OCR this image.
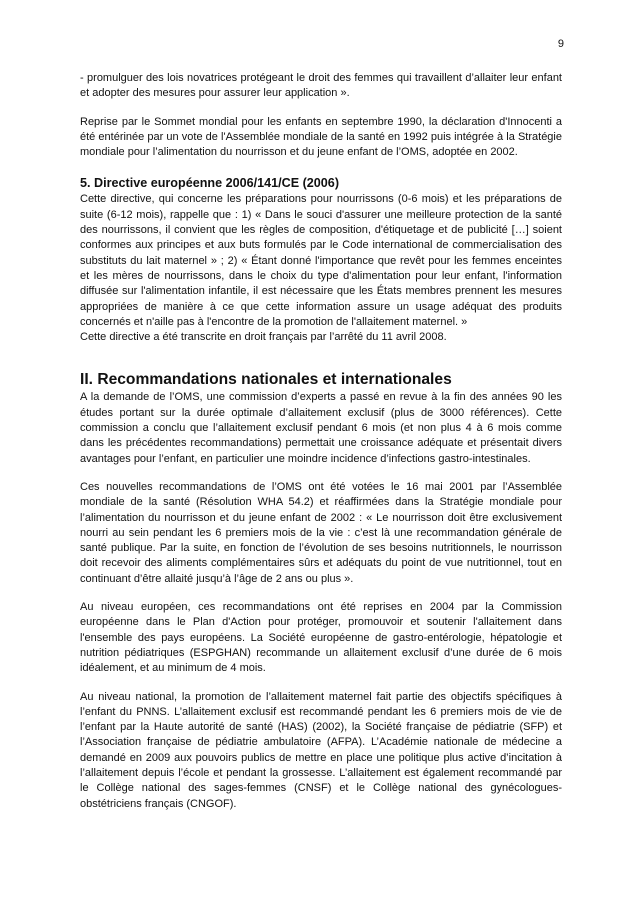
9

- promulguer des lois novatrices protégeant le droit des femmes qui travaillent d’allaiter leur enfant et adopter des mesures pour assurer leur application ».

Reprise par le Sommet mondial pour les enfants en septembre 1990, la déclaration d'Innocenti a été entérinée par un vote de l'Assemblée mondiale de la santé en 1992 puis intégrée à la Stratégie mondiale pour l’alimentation du nourrisson et du jeune enfant de l’OMS, adoptée en 2002.

5. Directive européenne 2006/141/CE (2006)

Cette directive, qui concerne les préparations pour nourrissons (0-6 mois) et les préparations de suite (6-12 mois), rappelle que : 1) « Dans le souci d'assurer une meilleure protection de la santé des nourrissons, il convient que les règles de composition, d'étiquetage et de publicité […] soient conformes aux principes et aux buts formulés par le Code international de commercialisation des substituts du lait maternel » ; 2) « Étant donné l'importance que revêt pour les femmes enceintes et les mères de nourrissons, dans le choix du type d'alimentation pour leur enfant, l'information diffusée sur l'alimentation infantile, il est nécessaire que les États membres prennent les mesures appropriées de manière à ce que cette information assure un usage adéquat des produits concernés et n'aille pas à l'encontre de la promotion de l'allaitement maternel. »

Cette directive a été transcrite en droit français par l’arrêté du 11 avril 2008.

II. Recommandations nationales et internationales

A la demande de l’OMS, une commission d’experts a passé en revue à la fin des années 90 les études portant sur la durée optimale d’allaitement exclusif (plus de 3000 références). Cette commission a conclu que l’allaitement exclusif pendant 6 mois (et non plus 4 à 6 mois comme dans les précédentes recommandations) permettait une croissance adéquate et présentait divers avantages pour l’enfant, en particulier une moindre incidence d’infections gastro-intestinales.

Ces nouvelles recommandations de l’OMS ont été votées le 16 mai 2001 par l’Assemblée mondiale de la santé (Résolution WHA 54.2) et réaffirmées dans la Stratégie mondiale pour l’alimentation du nourrisson et du jeune enfant de 2002 : « Le nourrisson doit être exclusivement nourri au sein pendant les 6 premiers mois de la vie : c’est là une recommandation générale de santé publique. Par la suite, en fonction de l’évolution de ses besoins nutritionnels, le nourrisson doit recevoir des aliments complémentaires sûrs et adéquats du point de vue nutritionnel, tout en continuant d’être allaité jusqu’à l’âge de 2 ans ou plus ».

Au niveau européen, ces recommandations ont été reprises en 2004 par la Commission européenne dans le Plan d'Action pour protéger, promouvoir et soutenir l'allaitement dans l'ensemble des pays européens. La Société européenne de gastro-entérologie, hépatologie et nutrition pédiatriques (ESPGHAN) recommande un allaitement exclusif d’une durée de 6 mois idéalement, et au minimum de 4 mois.

Au niveau national, la promotion de l’allaitement maternel fait partie des objectifs spécifiques à l’enfant du PNNS. L’allaitement exclusif est recommandé pendant les 6 premiers mois de vie de l’enfant par la Haute autorité de santé (HAS) (2002), la Société française de pédiatrie (SFP) et l’Association française de pédiatrie ambulatoire (AFPA). L’Académie nationale de médecine a demandé en 2009 aux pouvoirs publics de mettre en place une politique plus active d’incitation à l’allaitement depuis l’école et pendant la grossesse. L’allaitement est également recommandé par le Collège national des sages-femmes (CNSF) et le Collège national des gynécologues-obstétriciens français (CNGOF).
